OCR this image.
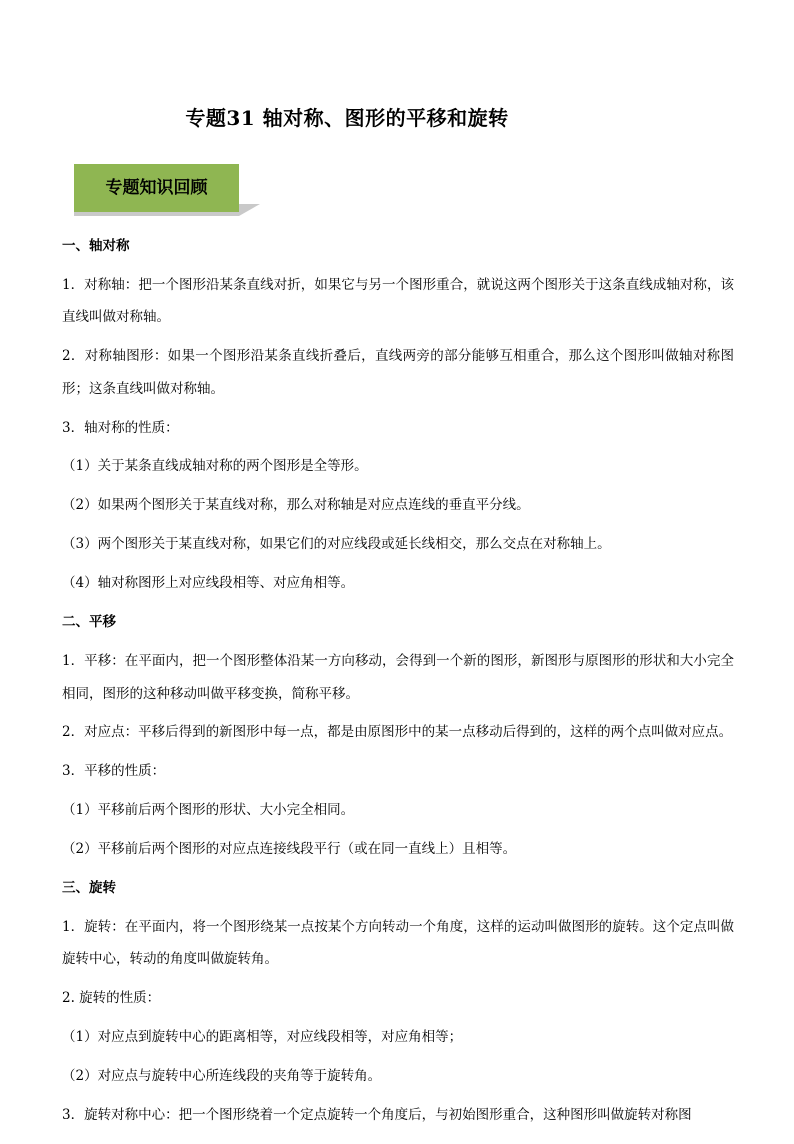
专题31 轴对称、图形的平移和旋转
专题知识回顾

一、轴对称

1．对称轴：把一个图形沿某条直线对折，如果它与另一个图形重合，就说这两个图形关于这条直线成轴对称，该直线叫做对称轴。

2．对称轴图形：如果一个图形沿某条直线折叠后，直线两旁的部分能够互相重合，那么这个图形叫做轴对称图形；这条直线叫做对称轴。

3．轴对称的性质：

（1）关于某条直线成轴对称的两个图形是全等形。

（2）如果两个图形关于某直线对称，那么对称轴是对应点连线的垂直平分线。

（3）两个图形关于某直线对称，如果它们的对应线段或延长线相交，那么交点在对称轴上。

（4）轴对称图形上对应线段相等、对应角相等。

二、平移

1．平移：在平面内，把一个图形整体沿某一方向移动，会得到一个新的图形，新图形与原图形的形状和大小完全相同，图形的这种移动叫做平移变换，简称平移。

2．对应点：平移后得到的新图形中每一点，都是由原图形中的某一点移动后得到的，这样的两个点叫做对应点。

3．平移的性质：

（1）平移前后两个图形的形状、大小完全相同。

（2）平移前后两个图形的对应点连接线段平行（或在同一直线上）且相等。

三、旋转

1．旋转：在平面内，将一个图形绕某一点按某个方向转动一个角度，这样的运动叫做图形的旋转。这个定点叫做旋转中心，转动的角度叫做旋转角。

2. 旋转的性质：

（1）对应点到旋转中心的距离相等，对应线段相等，对应角相等；

（2）对应点与旋转中心所连线段的夹角等于旋转角。

3．旋转对称中心：把一个图形绕着一个定点旋转一个角度后，与初始图形重合，这种图形叫做旋转对称图
